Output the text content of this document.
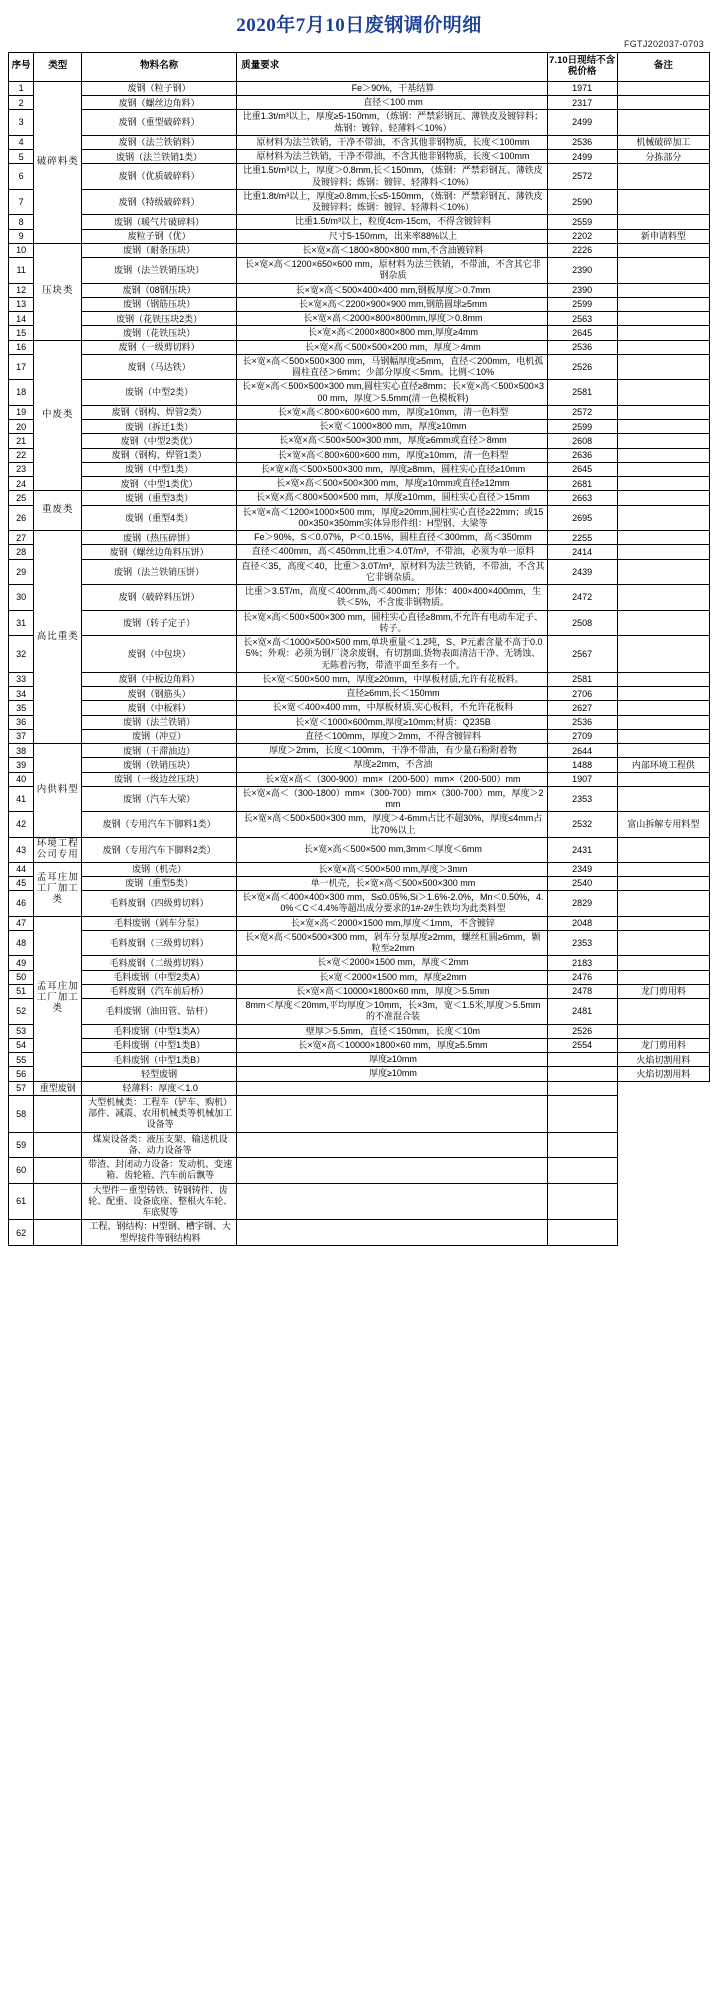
2020年7月10日废钢调价明细
FGTJ202037-0703
序号	类型	物料名称	质量要求	7.10日现结不含税价格	备注
1	破碎料类	废钢（粒子钢）	Fe＞90%，干基结算	1971	
2		废钢（螺丝边角料）	直径＜100 mm	2317	
3		废钢（重型破碎料）	比重1.3t/m³以上，厚度≥5-150mm，（炼钢：严禁彩钢瓦、薄铁皮及镀锌料；炼钢：镀锌、轻薄料＜10%）	2499	
4		废钢（法兰铁销料）	原材料为法兰铁销，干净不带油，不含其他非钢物质，长度＜100mm	2536	机械破碎加工
5		废钢（法兰铁销1类）	原材料为法兰铁销，干净不带油，不含其他非钢物质，长度＜100mm	2499	分拣部分
6		废钢（优质破碎料）	比重1.5t/m³以上，厚度＞0.8mm,长＜150mm，（炼钢：严禁彩钢瓦、薄铁皮及镀锌料；炼钢：镀锌、轻薄料＜10%）	2572	
7		废钢（特级破碎料）	比重1.8t/m³以上，厚度≥0.8mm,长≤5-150mm，（炼钢：严禁彩钢瓦、薄铁皮及镀锌料；炼钢：镀锌、轻薄料＜10%）	2590	
8		废钢（暖气片破碎料）	比重1.5t/m³以上，粒度4cm-15cm，不得含镀锌料	2559	
9		废粒子钢（优）	尺寸5-150mm，出来率88%以上	2202	新申请料型
10	压块类	废钢（耐条压块）	长×宽×高＜1800×800×800 mm,不含油镀锌料	2226	
11		废钢（法兰铁销压块）	长×宽×高＜1200×650×600 mm，原材料为法兰铁销，不带油，不含其它非钢杂质	2390	
12		废钢（08钢压块）	长×宽×高＜500×400×400 mm,钢板厚度＞0.7mm	2390	
13		废钢（钢筋压块）	长×宽×高＜2200×900×900 mm,钢筋圆球≥5mm	2599	
14		废钢（花铁压块2类）	长×宽×高＜2000×800×800mm,厚度＞0.8mm	2563	
15		废钢（花铁压块）	长×宽×高＜2000×800×800 mm,厚度≥4mm	2645	
16	中废类	废钢（一级剪切料）	长×宽×高＜500×500×200 mm，厚度＞4mm	2536	
17		废钢（马达铁）	长×宽×高＜500×500×300 mm，马钢幅厚度≥5mm，直径＜200mm，电机孤圆柱直径＞6mm；少部分厚度＜5mm。比例＜10%	2526	
18		废钢（中型2类）	长×宽×高＜500×500×300 mm,圆柱实心直径≥8mm；长×宽×高＜500×500×300 mm，厚度＞5.5mm(清一色模板料)	2581	
19		废钢（钢构、焊管2类）	长×宽×高＜800×600×600 mm，厚度≥10mm，清一色料型	2572	
20		废钢（拆迁1类）	长×宽＜1000×800 mm，厚度≥10mm	2599	
21		废钢（中型2类优）	长×宽×高＜500×500×300 mm，厚度≥6mm或直径＞8mm	2608	
22		废钢（钢构、焊管1类）	长×宽×高＜800×600×600 mm，厚度≥10mm，清一色料型	2636	
23		废钢（中型1类）	长×宽×高＜500×500×300 mm，厚度≥8mm，圆柱实心直径≥10mm	2645	
24		废钢（中型1类优）	长×宽×高＜500×500×300 mm，厚度≥10mm或直径≥12mm	2681	
25	重废类	废钢（重型3类）	长×宽×高＜800×500×500 mm，厚度≥10mm，圆柱实心直径＞15mm	2663	
26		废钢（重型4类）	长×宽×高＜1200×1000×500 mm，厚度≥20mm,圆柱实心直径≥22mm；或1500×350×350mm实体异形件组：H型钢、大梁等	2695	
27	高比重类	废钢（热压碎饼）	Fe＞90%，S＜0.07%，P＜0.15%，圆柱直径＜300mm，高＜350mm	2255	
28		废钢（螺丝边角料压饼）	直径＜400mm，高＜450mm,比重＞4.0T/m³，不带油，必须为单一原料	2414	
29		废钢（法兰铁销压饼）	直径＜35，高度＜40，比重＞3.0T/m³，原材料为法兰铁销，不带油，不含其它非钢杂质。	2439	
30		废钢（破碎料压饼）	比重＞3.5T/m，高度＜400mm,高＜400mm；形体：400×400×400mm，生铁＜5%，不含废非钢物质。	2472	
31		废钢（转子定子）	长×宽×高＜500×500×300 mm，圆柱实心直径≥8mm,不允许有电动车定子、转子。	2508	
32		废钢（中包块）	长×宽×高＜1000×500×500 mm,单块重量＜1.2吨，S、P元素含量不高于0.05%；外观：必须为钢厂浇余废钢，有切割面,货物表面清洁干净、无锈蚀、无陈着污物，带渣平面至多有一个。	2567	
33		废钢（中板边角料）	长×宽＜500×500 mm，厚度≥20mm，中厚板材质,允许有花板料。	2581	
34		废钢（钢筋头）	直径≥6mm,长＜150mm	2706	
35		废钢（中板料）	长×宽＜400×400 mm，中厚板材质,实心板料，不允许花板料	2627	
36		废钢（法兰铁销）	长×宽＜1000×600mm,厚度≥10mm;材质：Q235B	2536	
37		废钢（冲豆）	直径＜100mm，厚度＞2mm，不得含镀锌料	2709	
38	内供料型	废钢（干滞油边）	厚度＞2mm，长度＜100mm，干净不带油，有少量石粉附着物	2644	
39		废钢（铁销压块）	厚度≥2mm，不含油	1488	内部环境工程供
40		废钢（一级边丝压块）	长×宽×高＜（300-900）mm×（200-500）mm×（200-500）mm	1907	
41		废钢（汽车大梁）	长×宽×高＜（300-1800）mm×（300-700）mm×（300-700）mm，厚度＞2mm	2353	
42		废钢（专用汽车下脚料1类）	长×宽×高＜500×500×300 mm，厚度＞4-6mm占比不超30%，厚度≤4mm占比70%以上	2532	富山拆解专用料型
43	环境工程公司专用	废钢（专用汽车下脚料2类）	长×宽×高＜500×500 mm,3mm＜厚度＜6mm	2431	
44	孟耳庄加工厂加工类	废钢（机壳）	长×宽×高＜500×500 mm,厚度＞3mm	2349	
45		废钢（重型5类）	单一机壳，长×宽×高＜500×500×300 mm	2540	
46		毛料废钢（四级剪切料）	长×宽×高＜400×400×300 mm，S≤0.05%,Si＞1.6%-2.0%，Mn＜0.50%，4.0%＜C＜4.4%等超出成分要求的1#-2#生铁均为此类料型	2829	
47	孟耳庄加工厂加工类	毛料废钢（剁车分泵）	长×宽×高＜2000×1500 mm,厚度＜1mm，不含镀锌	2048	
48		毛料废钢（三级剪切料）	长×宽×高＜500×500×300 mm，剁车分泵厚度≥2mm，螺丝杠圆≥6mm，颗粒至≥2mm	2353	
49		毛料废钢（二级剪切料）	长×宽＜2000×1500 mm，厚度＜2mm	2183	
50		毛料废钢（中型2类A）	长×宽＜2000×1500 mm，厚度≥2mm	2476	
51		毛料废钢（汽车前后桥）	长×宽×高＜10000×1800×60 mm，厚度＞5.5mm	2478	龙门剪用料
52		毛料废钢（油田管、钻杆）	8mm＜厚度＜20mm,平均厚度＞10mm，长×3m，宽＜1.5米,厚度＞5.5mm的不准混合装	2481	
53		毛料废钢（中型1类A）	壁厚＞5.5mm，直径＜150mm，长度＜10m	2526	
54		毛料废钢（中型1类B）	长×宽×高＜10000×1800×60 mm，厚度≥5.5mm	2554	龙门剪用料
55		毛料废钢（中型1类B）	厚度≥10mm		火焰切割用料
56		轻型废钢	厚度≥10mm		火焰切割用料
57	重型废钢	轻薄料：厚度＜1.0			
58		大型机械类：工程车（铲车、购机）部件、减震、农用机械类等机械加工设备等			
59		煤炭设备类：液压支架、输送机设备、动力设备等			
60		带渣、封闭动力设备：发动机、变速箱、齿轮箱、汽车前后飘等			
61		大型件－重型铸铁、铸钢铸件、齿轮、配重、设备底座、整根火车轮、车底熨等			
62		工程、钢结构：H型钢、槽字钢、大型焊接件等钢结构料			
